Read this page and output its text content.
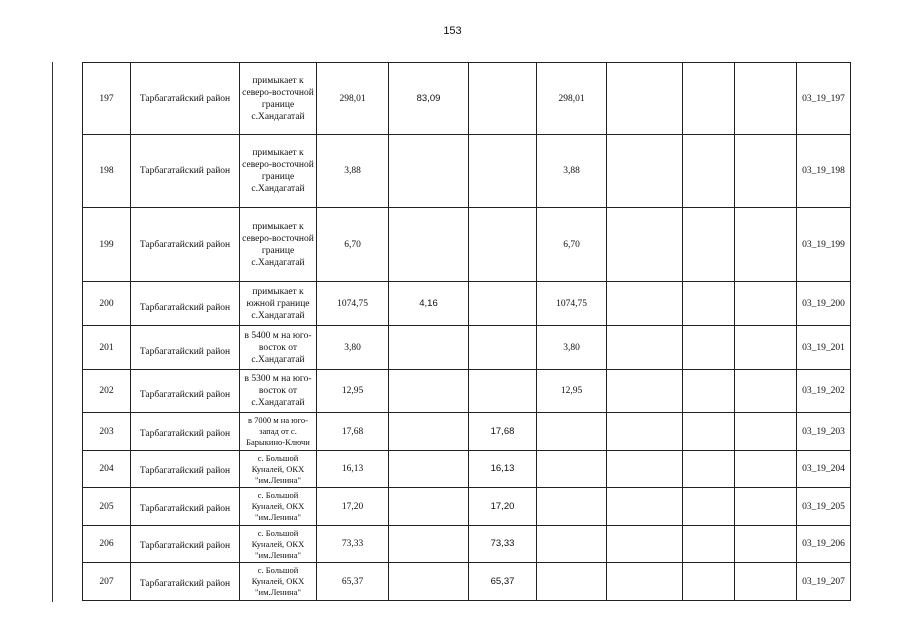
153
197	Тарбагатайский район	примыкает к северо-восточной границе с.Хандагатай	298,01	83,09		298,01				03_19_197
198	Тарбагатайский район	примыкает к северо-восточной границе с.Хандагатай	3,88			3,88				03_19_198
199	Тарбагатайский район	примыкает к северо-восточной границе с.Хандагатай	6,70			6,70				03_19_199
200	Тарбагатайский район	примыкает к южной границе с.Хандагатай	1074,75	4,16		1074,75				03_19_200
201	Тарбагатайский район	в 5400 м на юго-восток от с.Хандагатай	3,80			3,80				03_19_201
202	Тарбагатайский район	в 5300 м на юго-восток от с.Хандагатай	12,95			12,95				03_19_202
203	Тарбагатайский район	в 7000 м на юго-запад от с. Барыкино-Ключи	17,68		17,68					03_19_203
204	Тарбагатайский район	с. Большой Куналей, ОКХ "им.Ленина"	16,13		16,13					03_19_204
205	Тарбагатайский район	с. Большой Куналей, ОКХ "им.Ленина"	17,20		17,20					03_19_205
206	Тарбагатайский район	с. Большой Куналей, ОКХ "им.Ленина"	73,33		73,33					03_19_206
207	Тарбагатайский район	с. Большой Куналей, ОКХ "им.Ленина"	65,37		65,37					03_19_207
